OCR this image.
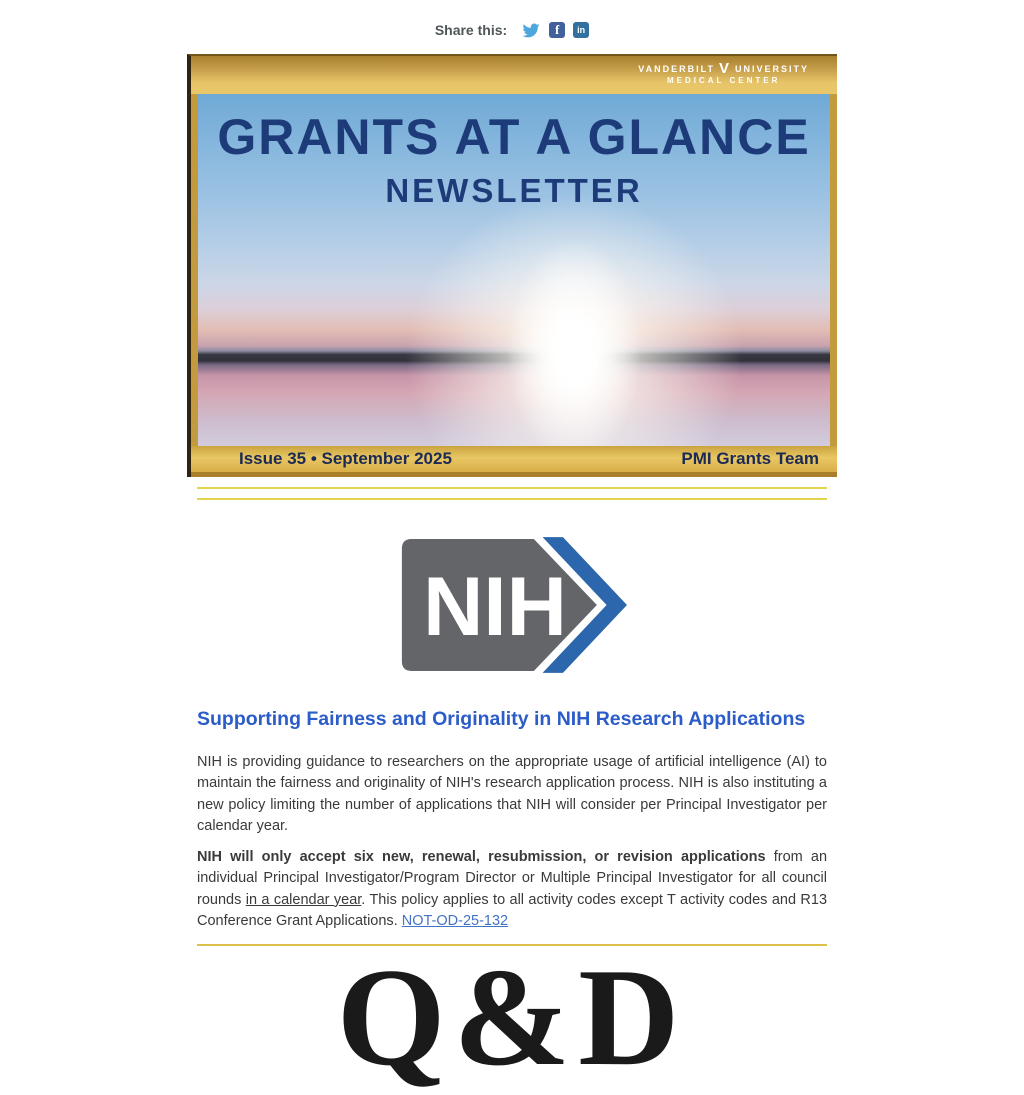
Share this:	f	in
VANDERBILT V UNIVERSITY
MEDICAL CENTER
GRANTS AT A GLANCE
NEWSLETTER
Issue 35 • September 2025	PMI Grants Team
NIH
Supporting Fairness and Originality in NIH Research Applications

NIH is providing guidance to researchers on the appropriate usage of artificial intelligence (AI) to maintain the fairness and originality of NIH's research application process. NIH is also instituting a new policy limiting the number of applications that NIH will consider per Principal Investigator per calendar year.

NIH will only accept six new, renewal, resubmission, or revision applications from an individual Principal Investigator/Program Director or Multiple Principal Investigator for all council rounds in a calendar year. This policy applies to all activity codes except T activity codes and R13 Conference Grant Applications. NOT-OD-25-132

Q&D
